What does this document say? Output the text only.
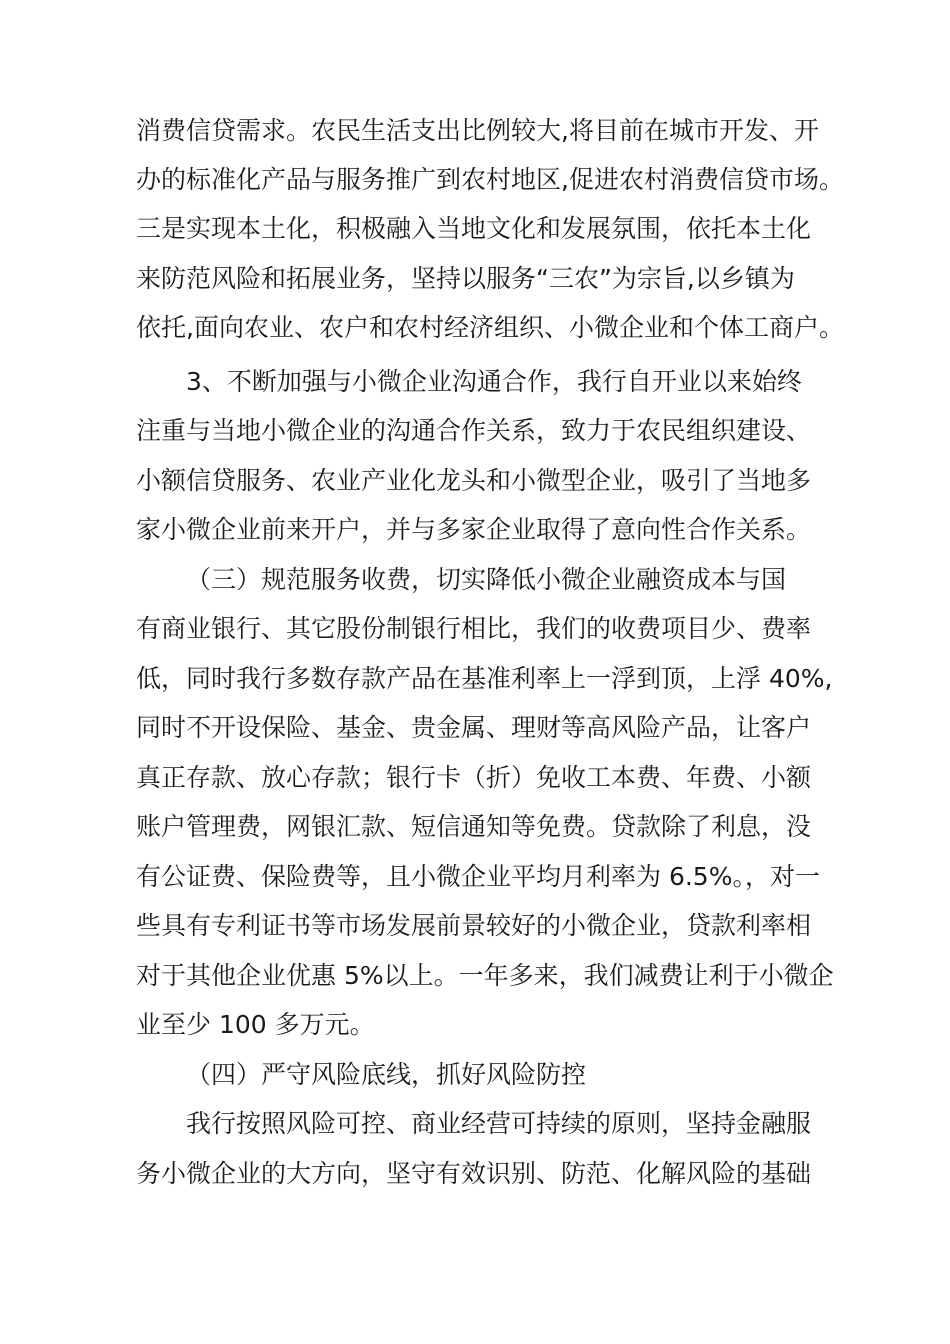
消费信贷需求。农民生活支出比例较大,将目前在城市开发、开
办的标准化产品与服务推广到农村地区,促进农村消费信贷市场。
三是实现本土化，积极融入当地文化和发展氛围，依托本土化
来防范风险和拓展业务，坚持以服务“三农”为宗旨,以乡镇为
依托,面向农业、农户和农村经济组织、小微企业和个体工商户。
3、不断加强与小微企业沟通合作，我行自开业以来始终
注重与当地小微企业的沟通合作关系，致力于农民组织建设、
小额信贷服务、农业产业化龙头和小微型企业，吸引了当地多
家小微企业前来开户，并与多家企业取得了意向性合作关系。
（三）规范服务收费，切实降低小微企业融资成本与国
有商业银行、其它股份制银行相比，我们的收费项目少、费率
低，同时我行多数存款产品在基准利率上一浮到顶，上浮 40%,
同时不开设保险、基金、贵金属、理财等高风险产品，让客户
真正存款、放心存款；银行卡（折）免收工本费、年费、小额
账户管理费，网银汇款、短信通知等免费。贷款除了利息，没
有公证费、保险费等，且小微企业平均月利率为 6.5%。，对一
些具有专利证书等市场发展前景较好的小微企业，贷款利率相
对于其他企业优惠 5%以上。一年多来，我们减费让利于小微企
业至少 100 多万元。
（四）严守风险底线，抓好风险防控
我行按照风险可控、商业经营可持续的原则，坚持金融服
务小微企业的大方向，坚守有效识别、防范、化解风险的基础
